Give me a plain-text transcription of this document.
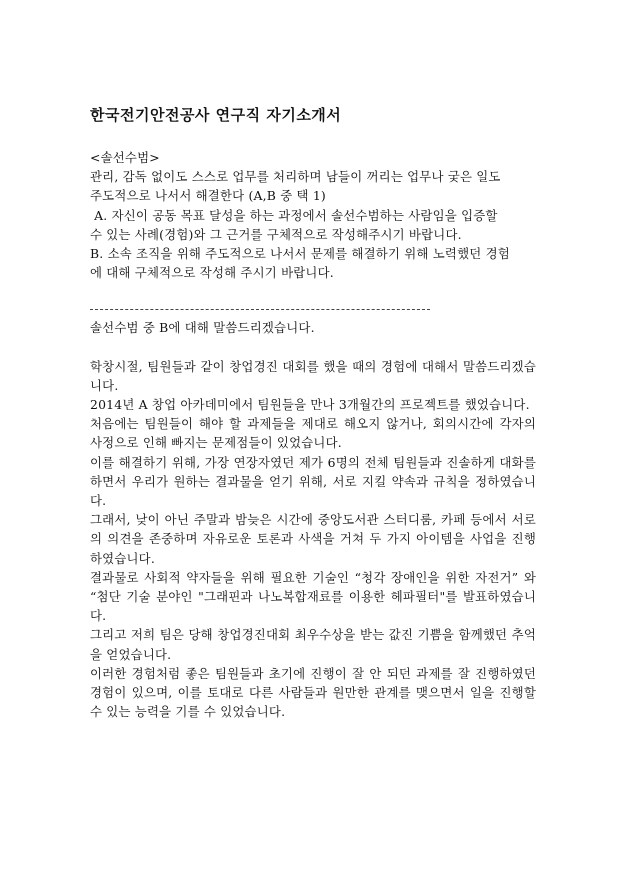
한국전기안전공사 연구직 자기소개서

<솔선수범>

관리, 감독 없이도 스스로 업무를 처리하며 남들이 꺼리는 업무나 궂은 일도

주도적으로 나서서 해결한다 (A,B 중 택 1)

A. 자신이 공동 목표 달성을 하는 과정에서 솔선수범하는 사람임을 입증할

수 있는 사례(경험)와 그 근거를 구체적으로 작성해주시기 바랍니다.

B. 소속 조직을 위해 주도적으로 나서서 문제를 해결하기 위해 노력했던 경험

에 대해 구체적으로 작성해 주시기 바랍니다.

솔선수범 중 B에 대해 말씀드리겠습니다.

학창시절, 팀원들과 같이 창업경진 대회를 했을 때의 경험에 대해서 말씀드리겠습니다.

2014년 A 창업 아카데미에서 팀원들을 만나 3개월간의 프로젝트를 했었습니다.

처음에는 팀원들이 해야 할 과제들을 제대로 해오지 않거나, 회의시간에 각자의 사정으로 인해 빠지는 문제점들이 있었습니다.

이를 해결하기 위해, 가장 연장자였던 제가 6명의 전체 팀원들과 진솔하게 대화를 하면서 우리가 원하는 결과물을 얻기 위해, 서로 지킬 약속과 규칙을 정하였습니다.

그래서, 낮이 아닌 주말과 밤늦은 시간에 중앙도서관 스터디룸, 카페 등에서 서로의 의견을 존중하며 자유로운 토론과 사색을 거쳐 두 가지 아이템을 사업을 진행하였습니다.

결과물로 사회적 약자들을 위해 필요한 기술인 “청각 장애인을 위한 자전거” 와 “첨단 기술 분야인 "그래핀과 나노복합재료를 이용한 헤파필터"를 발표하였습니다.

그리고 저희 팀은 당해 창업경진대회 최우수상을 받는 값진 기쁨을 함께했던 추억을 얻었습니다.

이러한 경험처럼 좋은 팀원들과 초기에 진행이 잘 안 되던 과제를 잘 진행하였던 경험이 있으며, 이를 토대로 다른 사람들과 원만한 관계를 맺으면서 일을 진행할 수 있는 능력을 기를 수 있었습니다.
